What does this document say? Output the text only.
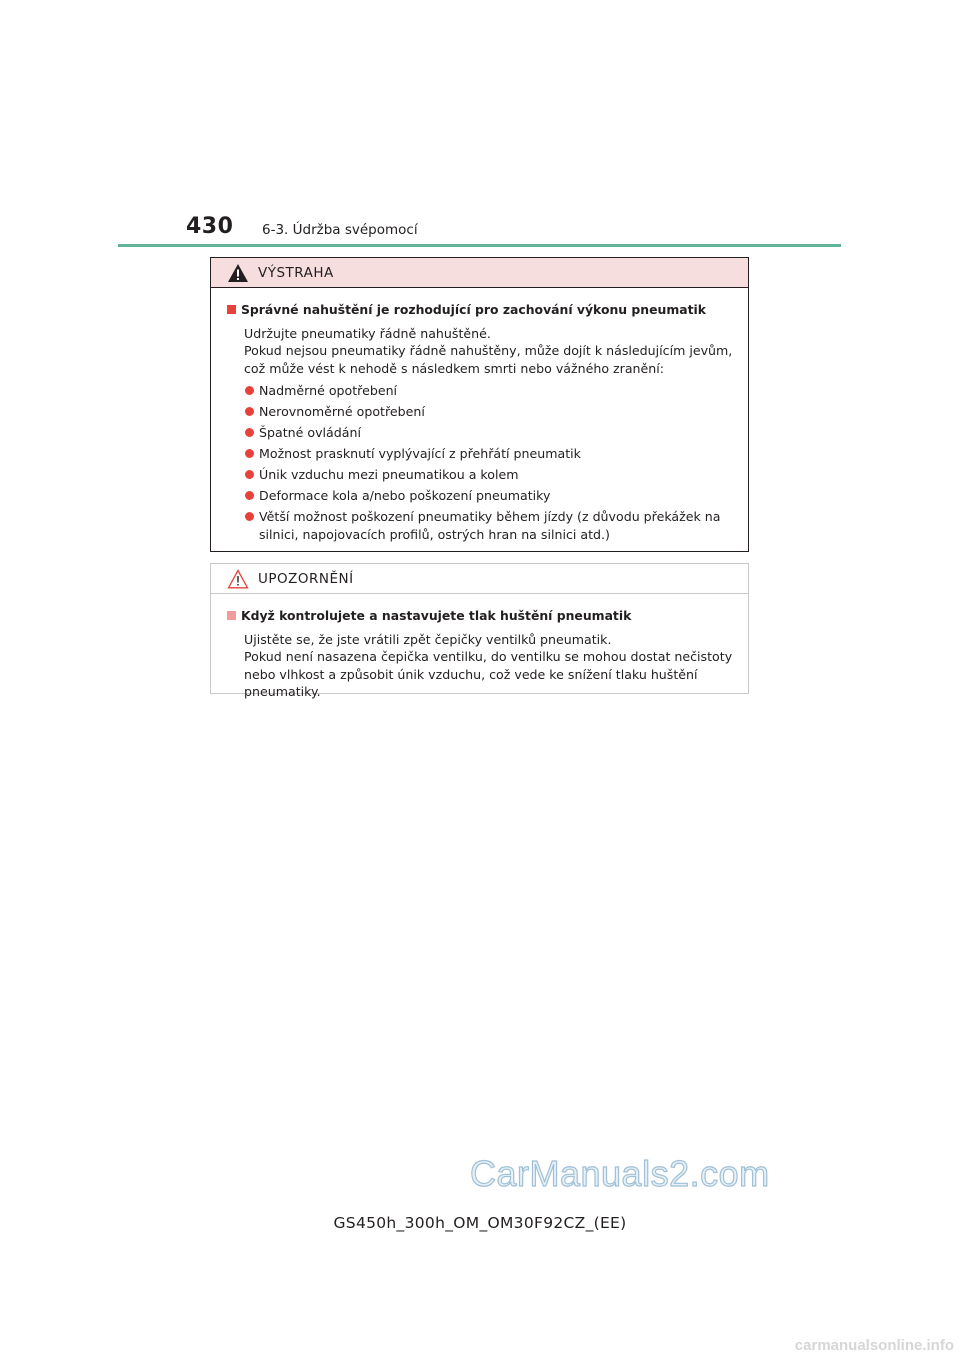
430 6-3. Údržba svépomocí
VÝSTRAHA
Správné nahuštění je rozhodující pro zachování výkonu pneumatik
Udržujte pneumatiky řádně nahuštěné.
Pokud nejsou pneumatiky řádně nahuštěny, může dojít k následujícím jevům, což může vést k nehodě s následkem smrti nebo vážného zranění:
Nadměrné opotřebení
Nerovnoměrné opotřebení
Špatné ovládání
Možnost prasknutí vyplývající z přehřátí pneumatik
Únik vzduchu mezi pneumatikou a kolem
Deformace kola a/nebo poškození pneumatiky
Větší možnost poškození pneumatiky během jízdy (z důvodu překážek na silnici, napojovacích profilů, ostrých hran na silnici atd.)
UPOZORNĚNÍ
Když kontrolujete a nastavujete tlak huštění pneumatik
Ujistěte se, že jste vrátili zpět čepičky ventilků pneumatik.
Pokud není nasazena čepička ventilku, do ventilku se mohou dostat nečistoty nebo vlhkost a způsobit únik vzduchu, což vede ke snížení tlaku huštění pneumatiky.
CarManuals2.com
GS450h_300h_OM_OM30F92CZ_(EE)
carmanualsonline.info
